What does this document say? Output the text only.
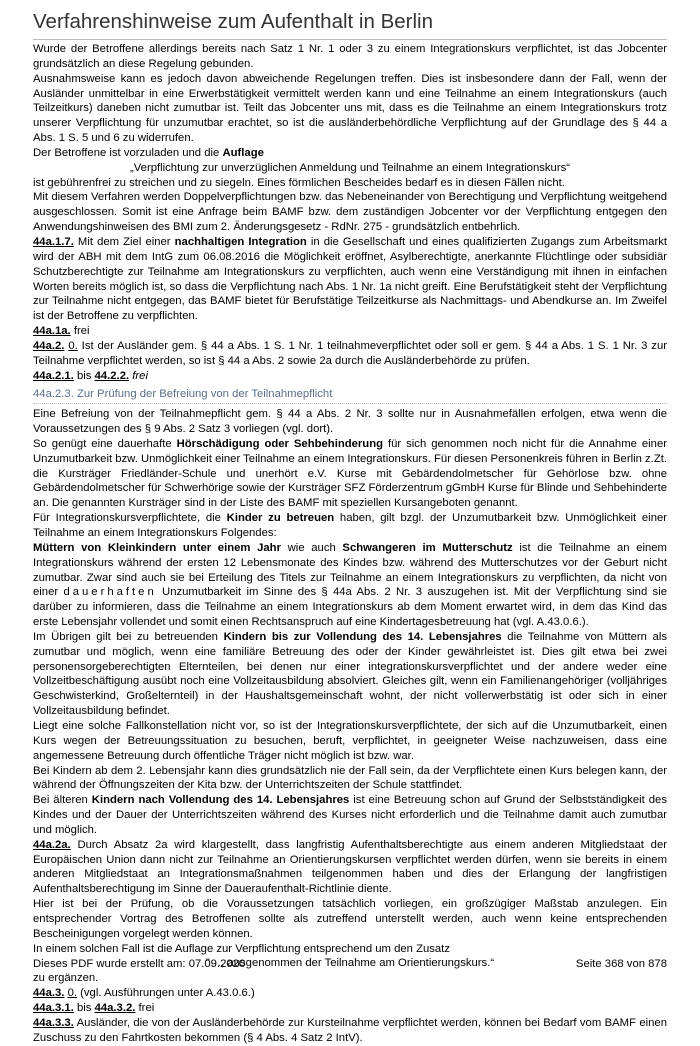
Verfahrenshinweise zum Aufenthalt in Berlin

Wurde der Betroffene allerdings bereits nach Satz 1 Nr. 1 oder 3 zu einem Integrationskurs verpflichtet, ist das Jobcenter grundsätzlich an diese Regelung gebunden.

Ausnahmsweise kann es jedoch davon abweichende Regelungen treffen. Dies ist insbesondere dann der Fall, wenn der Ausländer unmittelbar in eine Erwerbstätigkeit vermittelt werden kann und eine Teilnahme an einem Integrationskurs (auch Teilzeitkurs) daneben nicht zumutbar ist. Teilt das Jobcenter uns mit, dass es die Teilnahme an einem Integrationskurs trotz unserer Verpflichtung für unzumutbar erachtet, so ist die ausländerbehördliche Verpflichtung auf der Grundlage des § 44 a Abs. 1 S. 5 und 6 zu widerrufen.

Der Betroffene ist vorzuladen und die Auflage

„Verpflichtung zur unverzüglichen Anmeldung und Teilnahme an einem Integrationskurs“

ist gebührenfrei zu streichen und zu siegeln. Eines förmlichen Bescheides bedarf es in diesen Fällen nicht.

Mit diesem Verfahren werden Doppelverpflichtungen bzw. das Nebeneinander von Berechtigung und Verpflichtung weitgehend ausgeschlossen. Somit ist eine Anfrage beim BAMF bzw. dem zuständigen Jobcenter vor der Verpflichtung entgegen den Anwendungshinweisen des BMI zum 2. Änderungsgesetz - RdNr. 275 - grundsätzlich entbehrlich.

44a.1.7. Mit dem Ziel einer nachhaltigen Integration in die Gesellschaft und eines qualifizierten Zugangs zum Arbeitsmarkt wird der ABH mit dem IntG zum 06.08.2016 die Möglichkeit eröffnet, Asylberechtigte, anerkannte Flüchtlinge oder subsidiär Schutzberechtigte zur Teilnahme am Integrationskurs zu verpflichten, auch wenn eine Verständigung mit ihnen in einfachen Worten bereits möglich ist, so dass die Verpflichtung nach Abs. 1 Nr. 1a nicht greift. Eine Berufstätigkeit steht der Verpflichtung zur Teilnahme nicht entgegen, das BAMF bietet für Berufstätige Teilzeitkurse als Nachmittags- und Abendkurse an. Im Zweifel ist der Betroffene zu verpflichten.

44a.1a. frei

44a.2. 0. Ist der Ausländer gem. § 44 a Abs. 1 S. 1 Nr. 1 teilnahmeverpflichtet oder soll er gem. § 44 a Abs. 1 S. 1 Nr. 3 zur Teilnahme verpflichtet werden, so ist § 44 a Abs. 2 sowie 2a durch die Ausländerbehörde zu prüfen.

44a.2.1. bis 44.2.2. frei

44a.2.3. Zur Prüfung der Befreiung von der Teilnahmepflicht

Eine Befreiung von der Teilnahmepflicht gem. § 44 a Abs. 2 Nr. 3 sollte nur in Ausnahmefällen erfolgen, etwa wenn die Voraussetzungen des § 9 Abs. 2 Satz 3 vorliegen (vgl. dort).

So genügt eine dauerhafte Hörschädigung oder Sehbehinderung für sich genommen noch nicht für die Annahme einer Unzumutbarkeit bzw. Unmöglichkeit einer Teilnahme an einem Integrationskurs. Für diesen Personenkreis führen in Berlin z.Zt. die Kursträger Friedländer-Schule und unerhört e.V. Kurse mit Gebärdendolmetscher für Gehörlose bzw. ohne Gebärdendolmetscher für Schwerhörige sowie der Kursträger SFZ Förderzentrum gGmbH Kurse für Blinde und Sehbehinderte an. Die genannten Kursträger sind in der Liste des BAMF mit speziellen Kursangeboten genannt.

Für Integrationskursverpflichtete, die Kinder zu betreuen haben, gilt bzgl. der Unzumutbarkeit bzw. Unmöglichkeit einer Teilnahme an einem Integrationskurs Folgendes:

Müttern von Kleinkindern unter einem Jahr wie auch Schwangeren im Mutterschutz ist die Teilnahme an einem Integrationskurs während der ersten 12 Lebensmonate des Kindes bzw. während des Mutterschutzes vor der Geburt nicht zumutbar. Zwar sind auch sie bei Erteilung des Titels zur Teilnahme an einem Integrationskurs zu verpflichten, da nicht von einer dauerhaften Unzumutbarkeit im Sinne des § 44a Abs. 2 Nr. 3 auszugehen ist. Mit der Verpflichtung sind sie darüber zu informieren, dass die Teilnahme an einem Integrationskurs ab dem Moment erwartet wird, in dem das Kind das erste Lebensjahr vollendet und somit einen Rechtsanspruch auf eine Kindertagesbetreuung hat (vgl. A.43.0.6.).

Im Übrigen gilt bei zu betreuenden Kindern bis zur Vollendung des 14. Lebensjahres die Teilnahme von Müttern als zumutbar und möglich, wenn eine familiäre Betreuung des oder der Kinder gewährleistet ist. Dies gilt etwa bei zwei personensorgeberechtigten Elternteilen, bei denen nur einer integrationskursverpflichtet und der andere weder eine Vollzeitbeschäftigung ausübt noch eine Vollzeitausbildung absolviert. Gleiches gilt, wenn ein Familienangehöriger (volljähriges Geschwisterkind, Großelternteil) in der Haushaltsgemeinschaft wohnt, der nicht vollerwerbstätig ist oder sich in einer Vollzeitausbildung befindet.

Liegt eine solche Fallkonstellation nicht vor, so ist der Integrationskursverpflichtete, der sich auf die Unzumutbarkeit, einen Kurs wegen der Betreuungssituation zu besuchen, beruft, verpflichtet, in geeigneter Weise nachzuweisen, dass eine angemessene Betreuung durch öffentliche Träger nicht möglich ist bzw. war.

Bei Kindern ab dem 2. Lebensjahr kann dies grundsätzlich nie der Fall sein, da der Verpflichtete einen Kurs belegen kann, der während der Öffnungszeiten der Kita bzw. der Unterrichtszeiten der Schule stattfindet.

Bei älteren Kindern nach Vollendung des 14. Lebensjahres ist eine Betreuung schon auf Grund der Selbstständigkeit des Kindes und der Dauer der Unterrichtszeiten während des Kurses nicht erforderlich und die Teilnahme damit auch zumutbar und möglich.

44a.2a. Durch Absatz 2a wird klargestellt, dass langfristig Aufenthaltsberechtigte aus einem anderen Mitgliedstaat der Europäischen Union dann nicht zur Teilnahme an Orientierungskursen verpflichtet werden dürfen, wenn sie bereits in einem anderen Mitgliedstaat an Integrationsmaßnahmen teilgenommen haben und dies der Erlangung der langfristigen Aufenthaltsberechtigung im Sinne der Daueraufenthalt-Richtlinie diente.

Hier ist bei der Prüfung, ob die Voraussetzungen tatsächlich vorliegen, ein großzügiger Maßstab anzulegen. Ein entsprechender Vortrag des Betroffenen sollte als zutreffend unterstellt werden, auch wenn keine entsprechenden Bescheinigungen vorgelegt werden können.

In einem solchen Fall ist die Auflage zur Verpflichtung entsprechend um den Zusatz

"…, ausgenommen der Teilnahme am Orientierungskurs.“

zu ergänzen.

44a.3. 0. (vgl. Ausführungen unter A.43.0.6.)

44a.3.1. bis 44a.3.2. frei

44a.3.3. Ausländer, die von der Ausländerbehörde zur Kursteilnahme verpflichtet werden, können bei Bedarf vom BAMF einen Zuschuss zu den Fahrtkosten bekommen (§ 4 Abs. 4 Satz 2 IntV).

Dieses PDF wurde erstellt am: 07.09.2020	Seite 368 von 878
